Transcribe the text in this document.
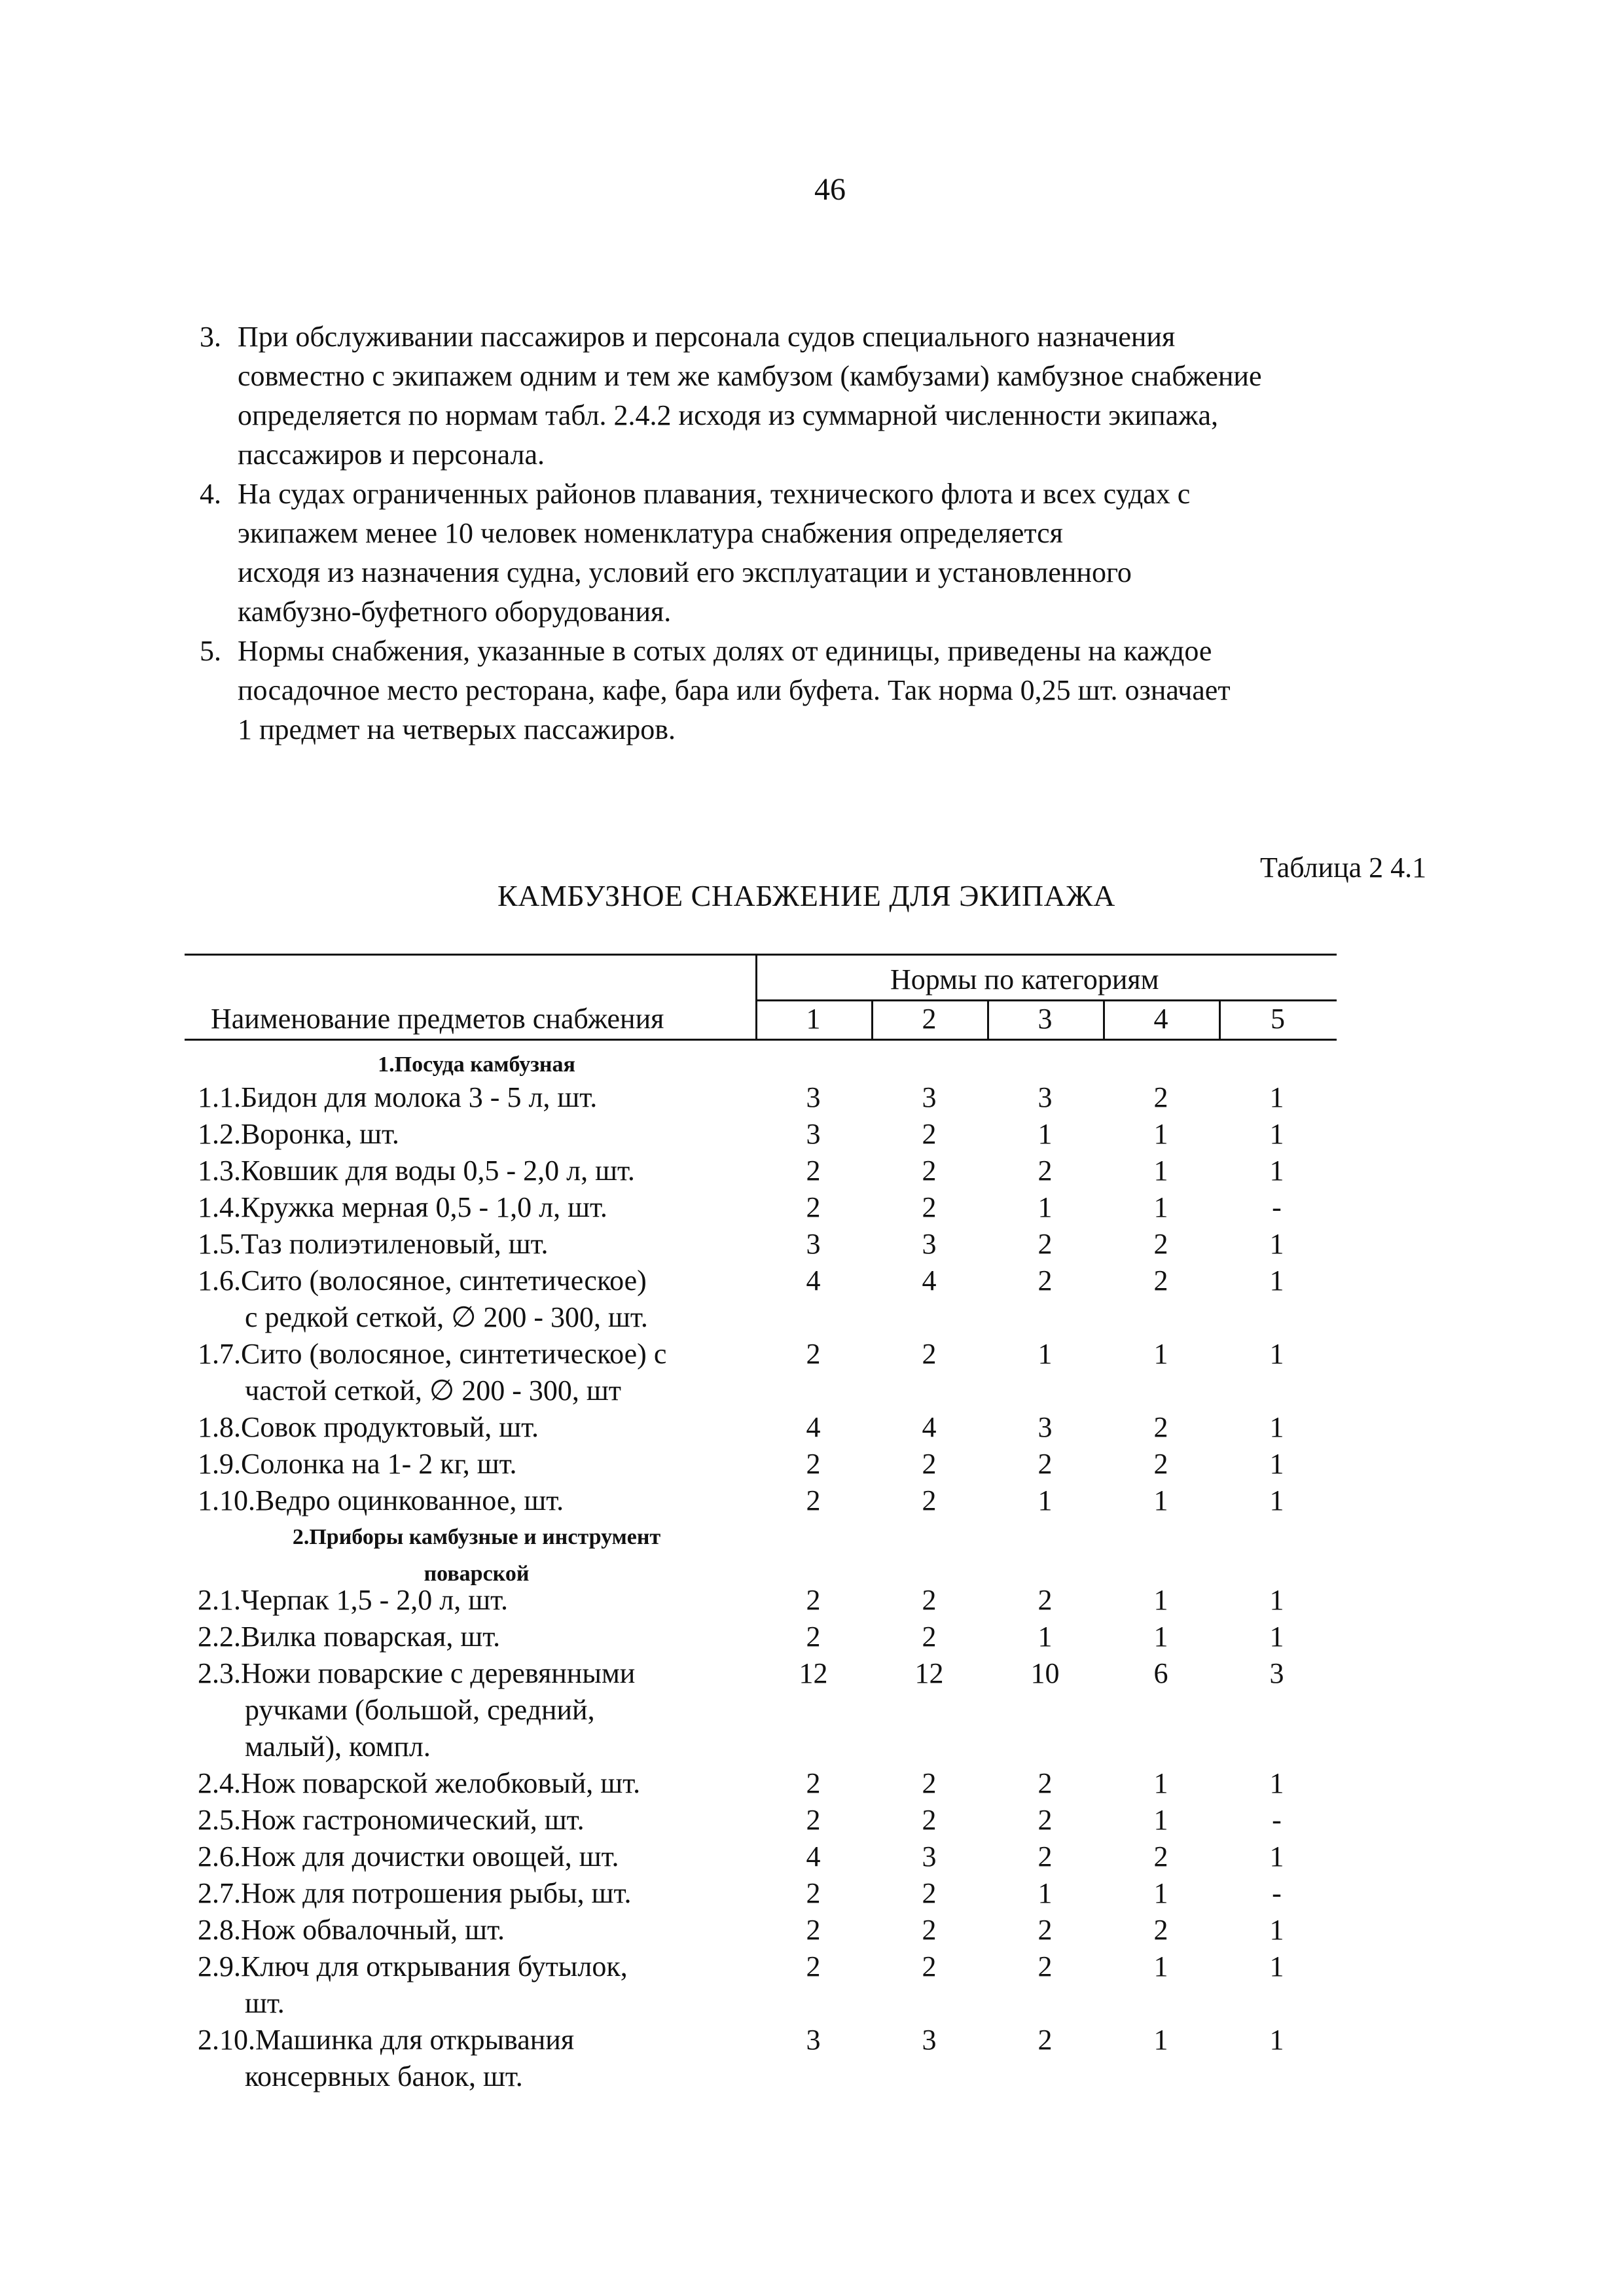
46
3. При обслуживании пассажиров и персонала судов специального назначения
совместно с экипажем одним и тем же камбузом (камбузами) камбузное снабжение
определяется по нормам табл. 2.4.2 исходя из суммарной численности экипажа,
пассажиров и персонала.
4. На судах ограниченных районов плавания, технического флота и всех судах с
экипажем менее 10 человек номенклатура снабжения определяется
исходя из назначения судна, условий его эксплуатации и установленного
камбузно-буфетного оборудования.
5. Нормы снабжения, указанные в сотых долях от единицы, приведены на каждое
посадочное место ресторана, кафе, бара или буфета. Так норма 0,25 шт. означает
1 предмет на четверых пассажиров.
Таблица 2 4.1
КАМБУЗНОЕ СНАБЖЕНИЕ ДЛЯ ЭКИПАЖА
Нормы по категориям
Наименование предметов снабжения	1	2	3	4	5
1.Посуда камбузная
1.1.Бидон для молока 3 - 5 л, шт.	3	3	3	2	1
1.2.Воронка, шт.	3	2	1	1	1
1.3.Ковшик для воды 0,5 - 2,0 л, шт.	2	2	2	1	1
1.4.Кружка мерная 0,5 - 1,0 л, шт.	2	2	1	1	-
1.5.Таз полиэтиленовый, шт.	3	3	2	2	1
1.6.Сито (волосяное, синтетическое)
с редкой сеткой, ∅ 200 - 300, шт.
4	4	2	2	1
1.7.Сито (волосяное, синтетическое) с
частой сеткой, ∅ 200 - 300, шт
2	2	1	1	1
1.8.Совок продуктовый, шт.	4	4	3	2	1
1.9.Солонка на 1- 2 кг, шт.	2	2	2	2	1
1.10.Ведро оцинкованное, шт.	2	2	1	1	1
2.Приборы камбузные и инструмент
поварской
2.1.Черпак 1,5 - 2,0 л, шт.	2	2	2	1	1
2.2.Вилка поварская, шт.	2	2	1	1	1
2.3.Ножи поварские с деревянными
ручками (большой, средний,
малый), компл.
12	12	10	6	3
2.4.Нож поварской желобковый, шт.	2	2	2	1	1
2.5.Нож гастрономический, шт.	2	2	2	1	-
2.6.Нож для дочистки овощей, шт.	4	3	2	2	1
2.7.Нож для потрошения рыбы, шт.	2	2	1	1	-
2.8.Нож обвалочный, шт.	2	2	2	2	1
2.9.Ключ для открывания бутылок,
шт.
2	2	2	1	1
2.10.Машинка для открывания
консервных банок, шт.
3	3	2	1	1
